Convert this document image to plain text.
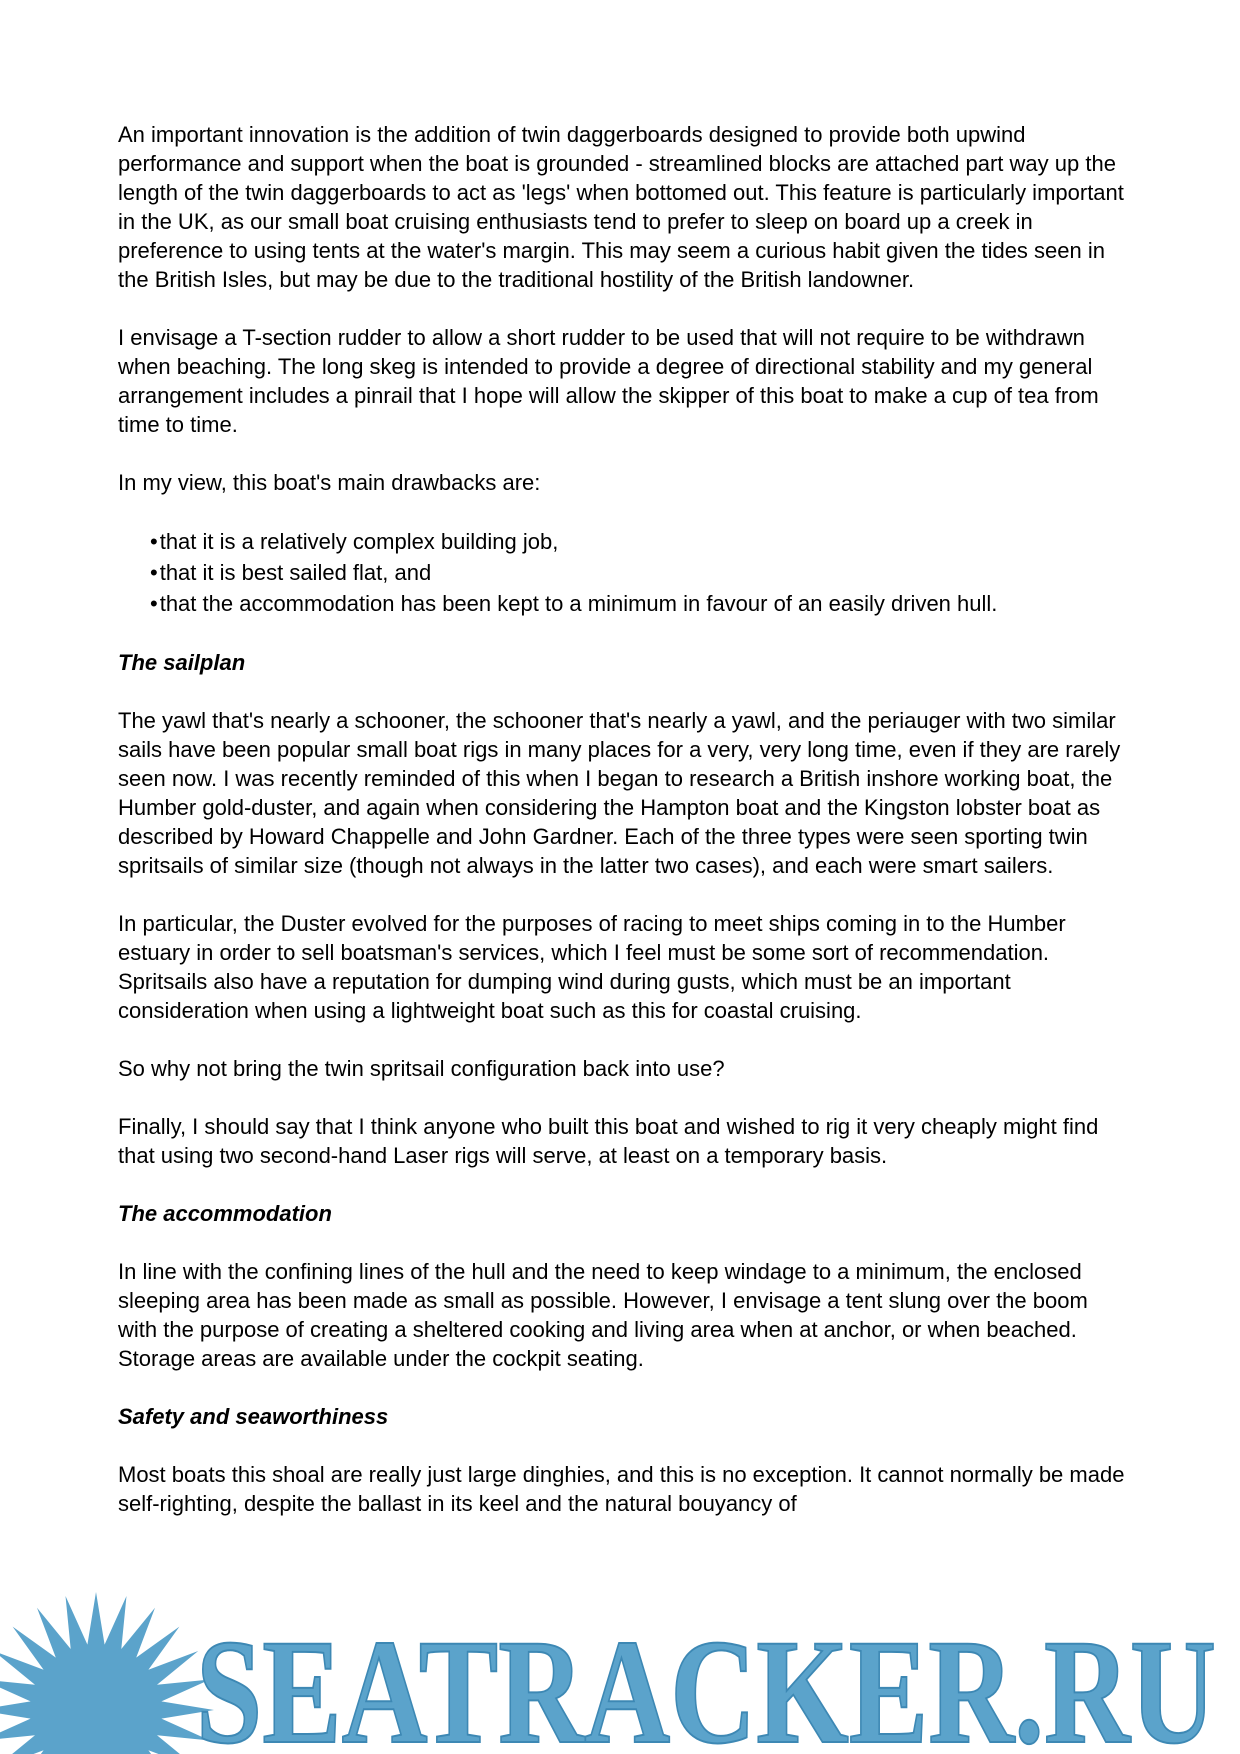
An important innovation is the addition of twin daggerboards designed to provide both upwind performance and support when the boat is grounded - streamlined blocks are attached part way up the length of the twin daggerboards to act as 'legs' when bottomed out. This feature is particularly important in the UK, as our small boat cruising enthusiasts tend to prefer to sleep on board up a creek in preference to using tents at the water's margin. This may seem a curious habit given the tides seen in the British Isles, but may be due to the traditional hostility of the British landowner.

I envisage a T-section rudder to allow a short rudder to be used that will not require to be withdrawn when beaching. The long skeg is intended to provide a degree of directional stability and my general arrangement includes a pinrail that I hope will allow the skipper of this boat to make a cup of tea from time to time.

In my view, this boat's main drawbacks are:

• that it is a relatively complex building job,
• that it is best sailed flat, and
• that the accommodation has been kept to a minimum in favour of an easily driven hull.
The sailplan

The yawl that's nearly a schooner, the schooner that's nearly a yawl, and the periauger with two similar sails have been popular small boat rigs in many places for a very, very long time, even if they are rarely seen now. I was recently reminded of this when I began to research a British inshore working boat, the Humber gold-duster, and again when considering the Hampton boat and the Kingston lobster boat as described by Howard Chappelle and John Gardner. Each of the three types were seen sporting twin spritsails of similar size (though not always in the latter two cases), and each were smart sailers.

In particular, the Duster evolved for the purposes of racing to meet ships coming in to the Humber estuary in order to sell boatsman's services, which I feel must be some sort of recommendation. Spritsails also have a reputation for dumping wind during gusts, which must be an important consideration when using a lightweight boat such as this for coastal cruising.

So why not bring the twin spritsail configuration back into use?

Finally, I should say that I think anyone who built this boat and wished to rig it very cheaply might find that using two second-hand Laser rigs will serve, at least on a temporary basis.

The accommodation

In line with the confining lines of the hull and the need to keep windage to a minimum, the enclosed sleeping area has been made as small as possible. However, I envisage a tent slung over the boom with the purpose of creating a sheltered cooking and living area when at anchor, or when beached. Storage areas are available under the cockpit seating.

Safety and seaworthiness

Most boats this shoal are really just large dinghies, and this is no exception. It cannot normally be made self-righting, despite the ballast in its keel and the natural bouyancy of

SEATRACKER.RU
